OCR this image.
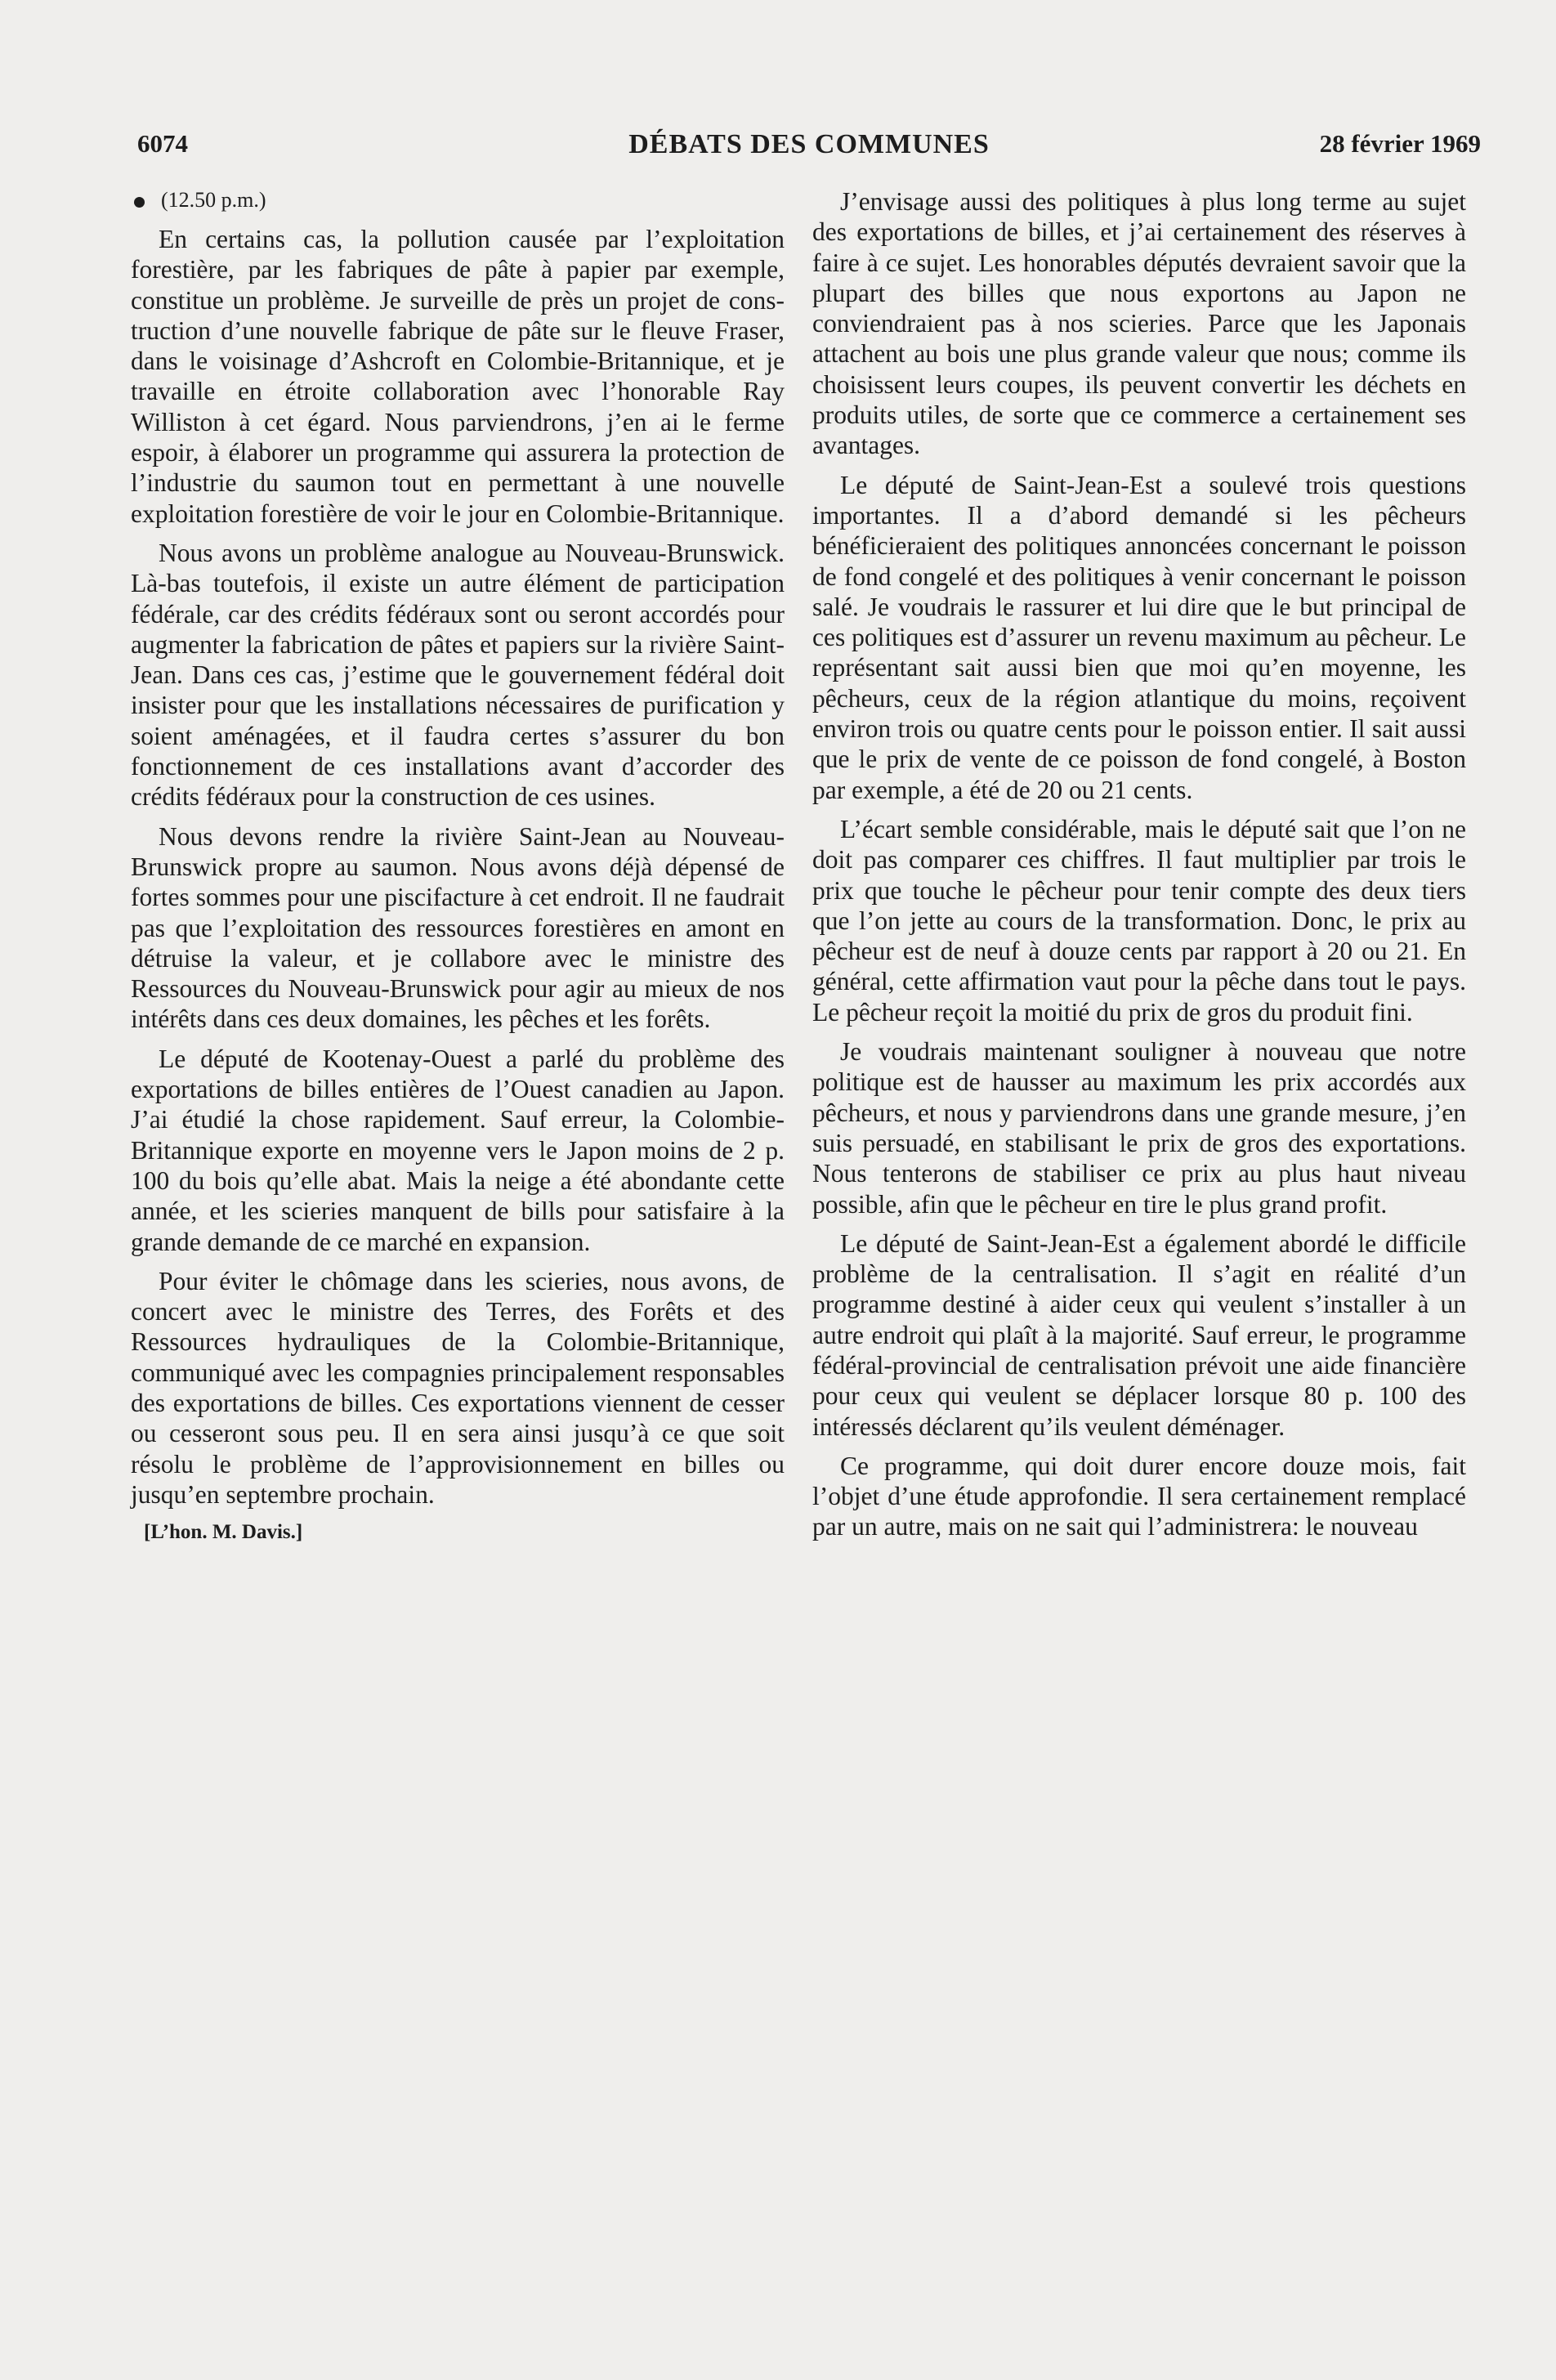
6074	DÉBATS DES COMMUNES	28 février 1969
(12.50 p.m.)

En certains cas, la pollution causée par l’exploitation forestière, par les fabriques de pâte à papier par exemple, constitue un problème. Je surveille de près un projet de construction d’une nouvelle fabrique de pâte sur le fleuve Fraser, dans le voisinage d’Ashcroft en Colombie-Britannique, et je travaille en étroite collaboration avec l’honorable Ray Williston à cet égard. Nous parviendrons, j’en ai le ferme espoir, à élaborer un programme qui assurera la protection de l’industrie du saumon tout en permettant à une nouvelle exploitation forestière de voir le jour en Colombie-Britannique.

Nous avons un problème analogue au Nouveau-Brunswick. Là-bas toutefois, il existe un autre élément de participation fédérale, car des crédits fédéraux sont ou seront accordés pour augmenter la fabrication de pâtes et papiers sur la rivière Saint-Jean. Dans ces cas, j’estime que le gouvernement fédéral doit insister pour que les installations nécessaires de purification y soient aménagées, et il faudra certes s’assurer du bon fonctionnement de ces installations avant d’accorder des crédits fédéraux pour la construction de ces usines.

Nous devons rendre la rivière Saint-Jean au Nouveau-Brunswick propre au saumon. Nous avons déjà dépensé de fortes sommes pour une piscifacture à cet endroit. Il ne faudrait pas que l’exploitation des ressources forestières en amont en détruise la valeur, et je collabore avec le ministre des Ressources du Nouveau-Brunswick pour agir au mieux de nos intérêts dans ces deux domaines, les pêches et les forêts.

Le député de Kootenay-Ouest a parlé du problème des exportations de billes entières de l’Ouest canadien au Japon. J’ai étudié la chose rapidement. Sauf erreur, la Colombie-Britannique exporte en moyenne vers le Japon moins de 2 p. 100 du bois qu’elle abat. Mais la neige a été abondante cette année, et les scieries manquent de bills pour satisfaire à la grande demande de ce marché en expansion.

Pour éviter le chômage dans les scieries, nous avons, de concert avec le ministre des Terres, des Forêts et des Ressources hydrauliques de la Colombie-Britannique, communiqué avec les compagnies principalement responsables des exportations de billes. Ces exportations viennent de cesser ou cesseront sous peu. Il en sera ainsi jusqu’à ce que soit résolu le problème de l’approvisionnement en billes ou jusqu’en septembre prochain.

[L’hon. M. Davis.]

J’envisage aussi des politiques à plus long terme au sujet des exportations de billes, et j’ai certainement des réserves à faire à ce sujet. Les honorables députés devraient savoir que la plupart des billes que nous exportons au Japon ne conviendraient pas à nos scieries. Parce que les Japonais attachent au bois une plus grande valeur que nous; comme ils choisissent leurs coupes, ils peuvent convertir les déchets en produits utiles, de sorte que ce commerce a certainement ses avantages.

Le député de Saint-Jean-Est a soulevé trois questions importantes. Il a d’abord demandé si les pêcheurs bénéficieraient des politiques annoncées concernant le poisson de fond congelé et des politiques à venir concernant le poisson salé. Je voudrais le rassurer et lui dire que le but principal de ces politiques est d’assurer un revenu maximum au pêcheur. Le représentant sait aussi bien que moi qu’en moyenne, les pêcheurs, ceux de la région atlantique du moins, reçoivent environ trois ou quatre cents pour le poisson entier. Il sait aussi que le prix de vente de ce poisson de fond congelé, à Boston par exemple, a été de 20 ou 21 cents.

L’écart semble considérable, mais le député sait que l’on ne doit pas comparer ces chiffres. Il faut multiplier par trois le prix que touche le pêcheur pour tenir compte des deux tiers que l’on jette au cours de la transformation. Donc, le prix au pêcheur est de neuf à douze cents par rapport à 20 ou 21. En général, cette affirmation vaut pour la pêche dans tout le pays. Le pêcheur reçoit la moitié du prix de gros du produit fini.

Je voudrais maintenant souligner à nouveau que notre politique est de hausser au maximum les prix accordés aux pêcheurs, et nous y parviendrons dans une grande mesure, j’en suis persuadé, en stabilisant le prix de gros des exportations. Nous tenterons de stabiliser ce prix au plus haut niveau possible, afin que le pêcheur en tire le plus grand profit.

Le député de Saint-Jean-Est a également abordé le difficile problème de la centralisation. Il s’agit en réalité d’un programme destiné à aider ceux qui veulent s’installer à un autre endroit qui plaît à la majorité. Sauf erreur, le programme fédéral-provincial de centralisation prévoit une aide financière pour ceux qui veulent se déplacer lorsque 80 p. 100 des intéressés déclarent qu’ils veulent déménager.

Ce programme, qui doit durer encore douze mois, fait l’objet d’une étude approfondie. Il sera certainement remplacé par un autre, mais on ne sait qui l’administrera: le nouveau
